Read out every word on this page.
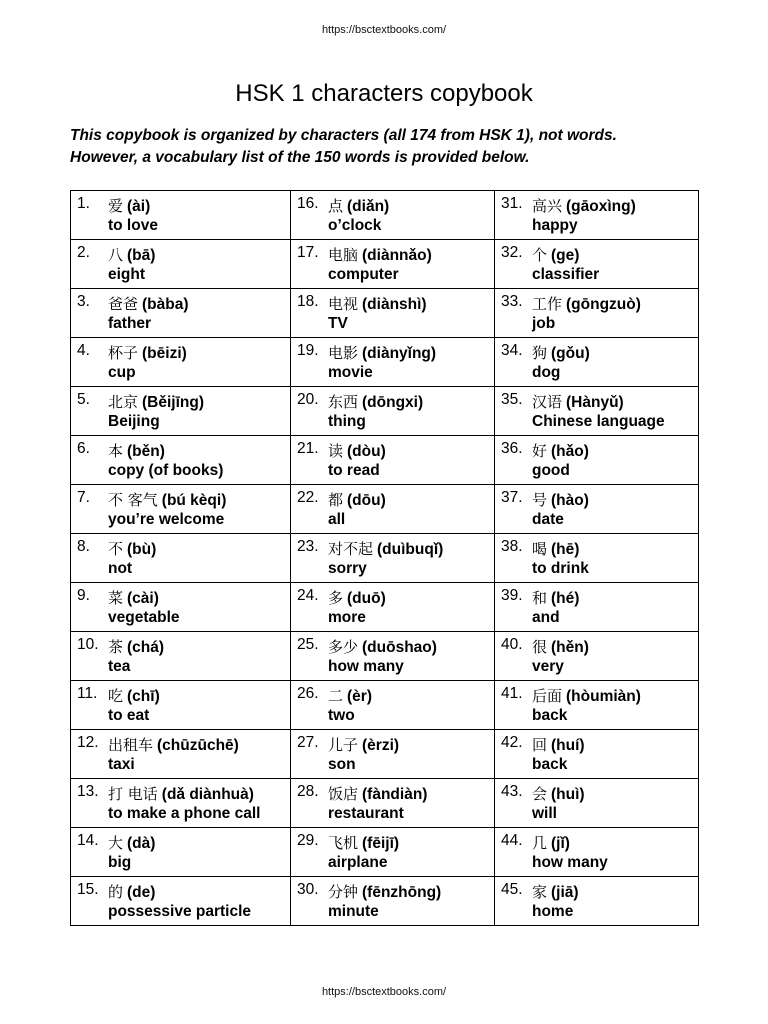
https://bsctextbooks.com/
HSK 1 characters copybook
This copybook is organized by characters (all 174 from HSK 1), not words.
However, a vocabulary list of the 150 words is provided below.
1. 爱 (ài)
to love	16. 点 (diǎn)
o’clock	31. 高兴 (gāoxìng)
happy

2. 八 (bā)
eight	17. 电脑 (diànnǎo)
computer	32. 个 (ge)
classifier

3. 爸爸 (bàba)
father	18. 电视 (diànshì)
TV	33. 工作 (gōngzuò)
job

4. 杯子 (bēizi)
cup	19. 电影 (diànyǐng)
movie	34. 狗 (gǒu)
dog

5. 北京 (Běijīng)
Beijing	20. 东西 (dōngxi)
thing	35. 汉语 (Hànyǔ)
Chinese language

6. 本 (běn)
copy (of books)	21. 读 (dòu)
to read	36. 好 (hǎo)
good

7. 不 客气 (bú kèqi)
you’re welcome	22. 都 (dōu)
all	37. 号 (hào)
date

8. 不 (bù)
not	23. 对不起 (duìbuqǐ)
sorry	38. 喝 (hē)
to drink

9. 菜 (cài)
vegetable	24. 多 (duō)
more	39. 和 (hé)
and

10. 茶 (chá)
tea	25. 多少 (duōshao)
how many	40. 很 (hěn)
very

11. 吃 (chī)
to eat	26. 二 (èr)
two	41. 后面 (hòumiàn)
back

12. 出租车 (chūzūchē)
taxi	27. 儿子 (èrzi)
son	42. 回 (huí)
back

13. 打 电话 (dǎ diànhuà)
to make a phone call	28. 饭店 (fàndiàn)
restaurant	43. 会 (huì)
will

14. 大 (dà)
big	29. 飞机 (fēijī)
airplane	44. 几 (jǐ)
how many

15. 的 (de)
possessive particle	30. 分钟 (fēnzhōng)
minute	45. 家 (jiā)
home
https://bsctextbooks.com/
